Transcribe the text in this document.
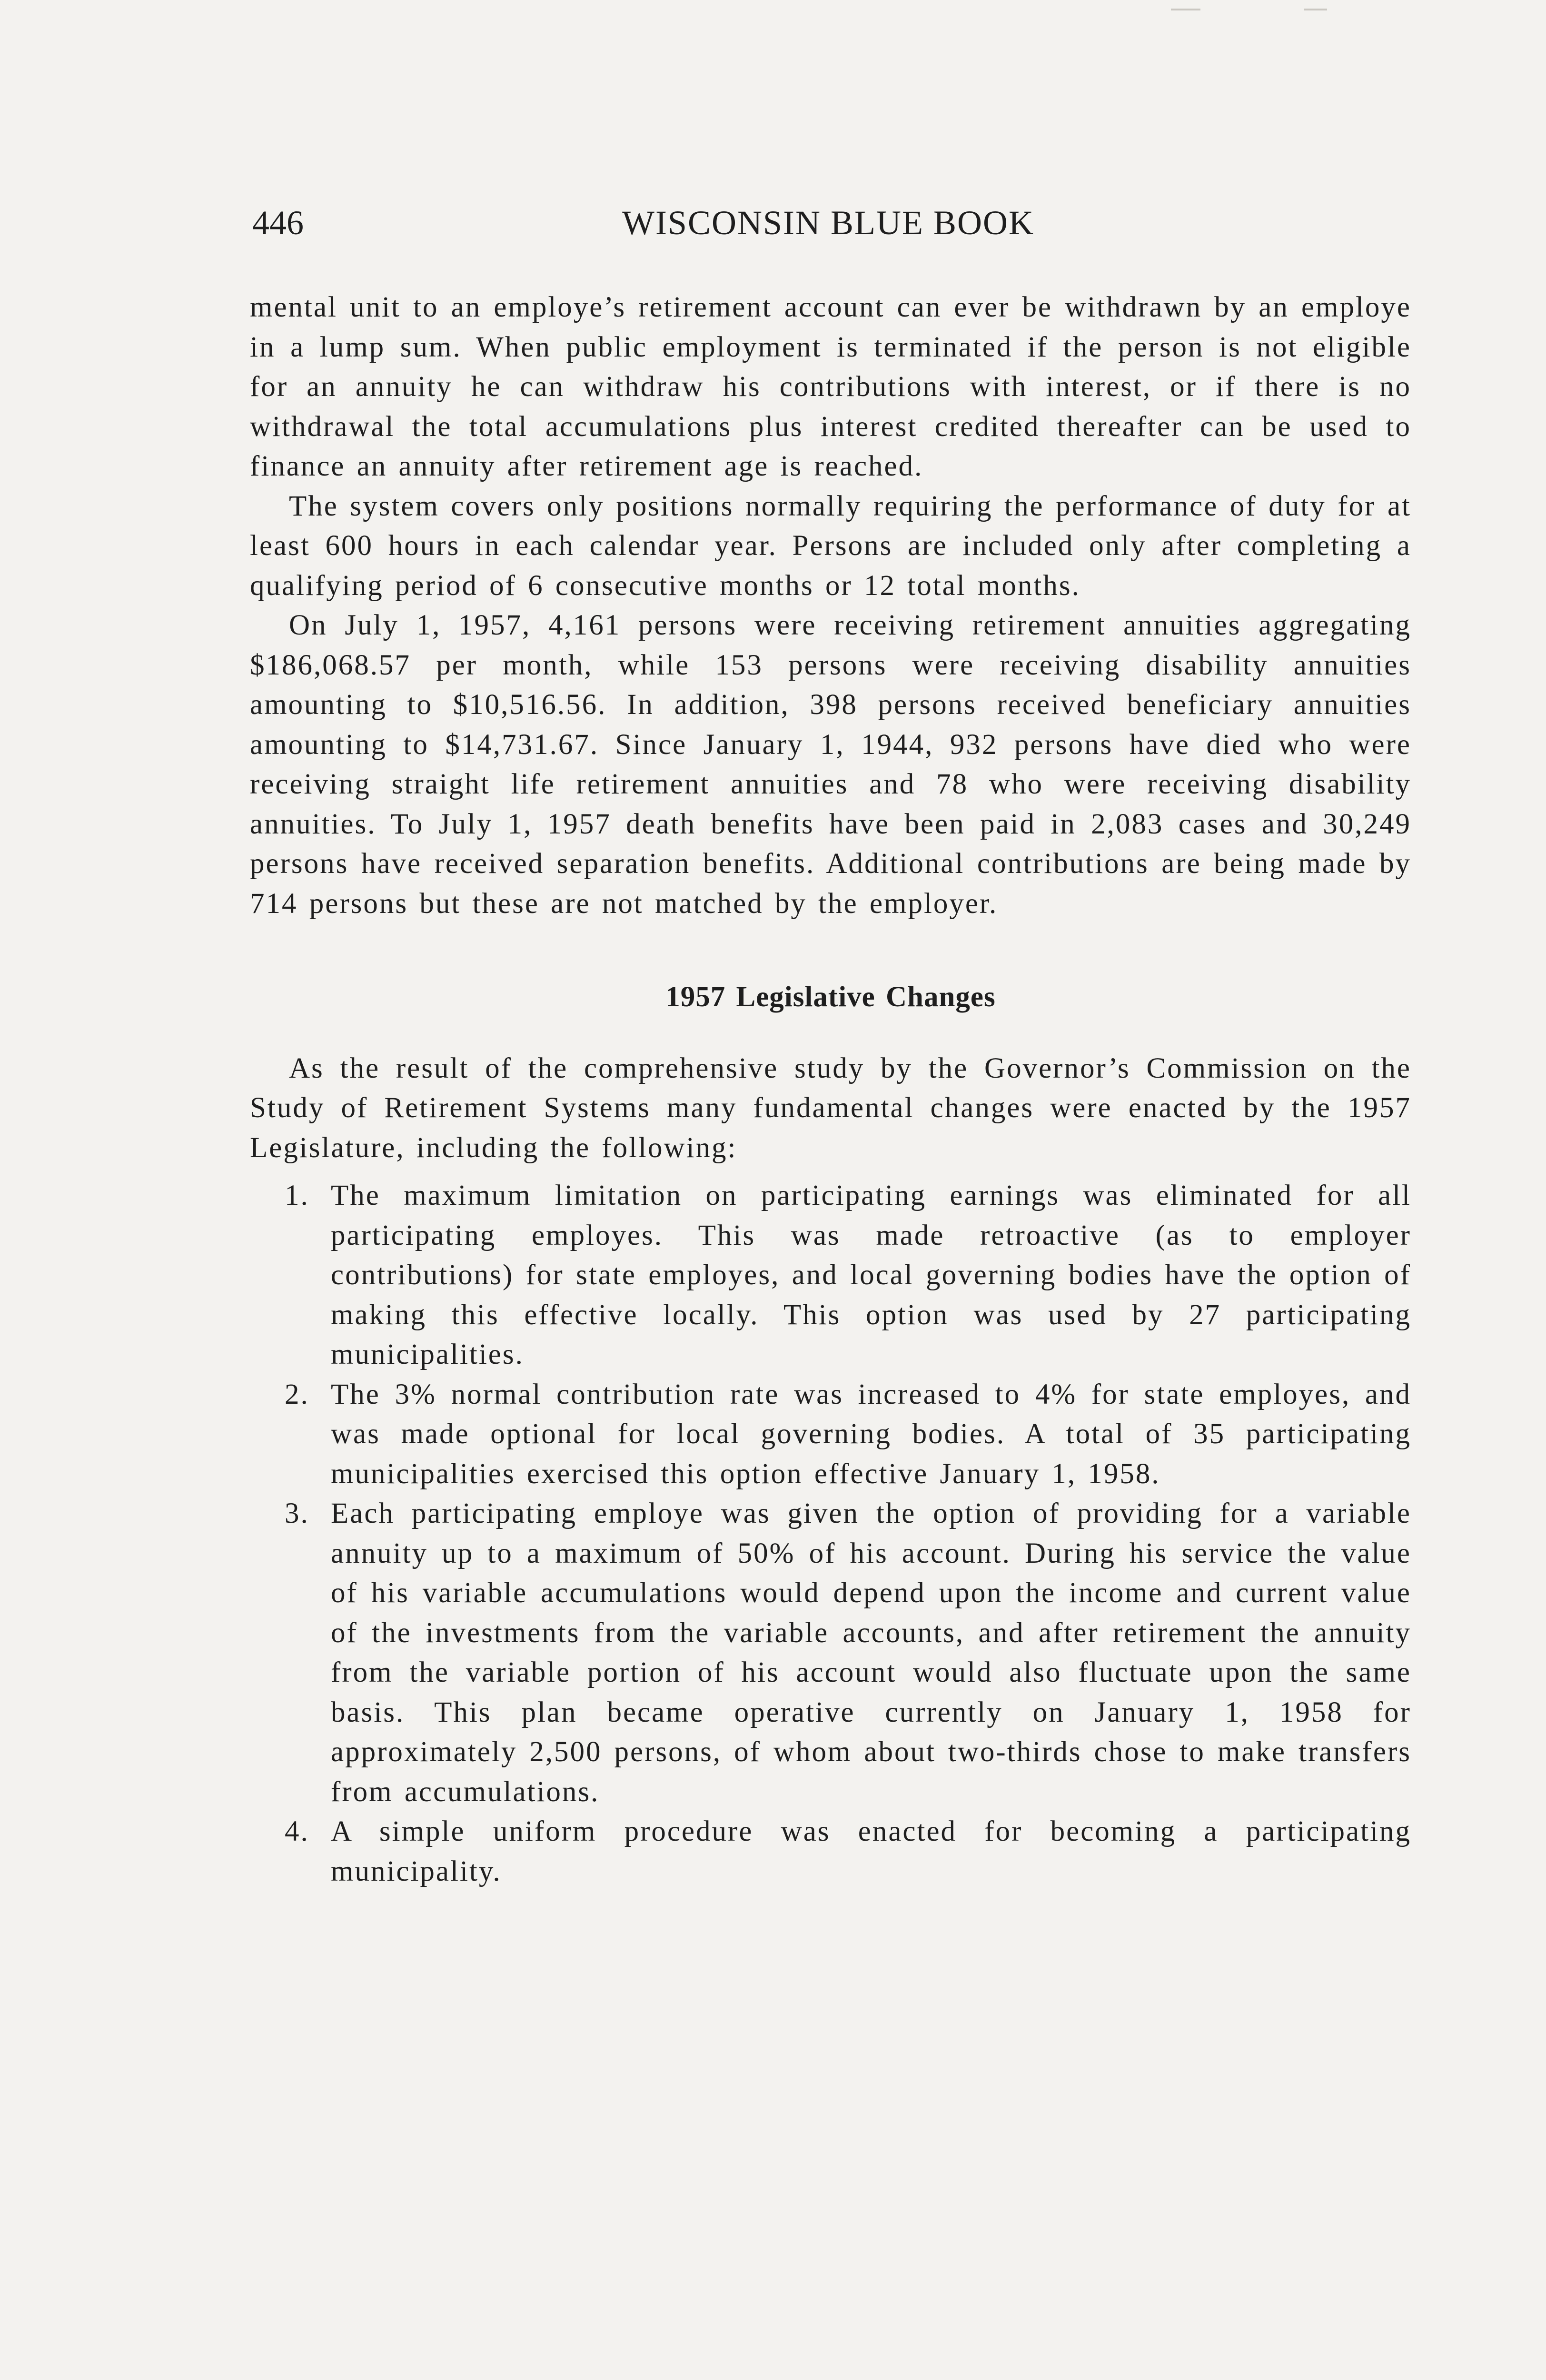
446	WISCONSIN BLUE BOOK

mental unit to an employe’s retirement account can ever be withdrawn by an employe in a lump sum. When public employment is terminated if the person is not eligible for an annuity he can withdraw his contributions with interest, or if there is no withdrawal the total accumulations plus interest credited thereafter can be used to finance an annuity after retirement age is reached.

The system covers only positions normally requiring the performance of duty for at least 600 hours in each calendar year. Persons are included only after completing a qualifying period of 6 consecutive months or 12 total months.

On July 1, 1957, 4,161 persons were receiving retirement annuities aggregating $186,068.57 per month, while 153 persons were receiving disability annuities amounting to $10,516.56. In addition, 398 persons received beneficiary annuities amounting to $14,731.67. Since January 1, 1944, 932 persons have died who were receiving straight life retirement annuities and 78 who were receiving disability annuities. To July 1, 1957 death benefits have been paid in 2,083 cases and 30,249 persons have received separation benefits. Additional contributions are being made by 714 persons but these are not matched by the employer.

1957 Legislative Changes

As the result of the comprehensive study by the Governor’s Commission on the Study of Retirement Systems many fundamental changes were enacted by the 1957 Legislature, including the following:

1. The maximum limitation on participating earnings was eliminated for all participating employes. This was made retroactive (as to employer contributions) for state employes, and local governing bodies have the option of making this effective locally. This option was used by 27 participating municipalities.
2. The 3% normal contribution rate was increased to 4% for state employes, and was made optional for local governing bodies. A total of 35 participating municipalities exercised this option effective January 1, 1958.
3. Each participating employe was given the option of providing for a variable annuity up to a maximum of 50% of his account. During his service the value of his variable accumulations would depend upon the income and current value of the investments from the variable accounts, and after retirement the annuity from the variable portion of his account would also fluctuate upon the same basis. This plan became operative currently on January 1, 1958 for approximately 2,500 persons, of whom about two-thirds chose to make transfers from accumulations.
4. A simple uniform procedure was enacted for becoming a participating municipality.
